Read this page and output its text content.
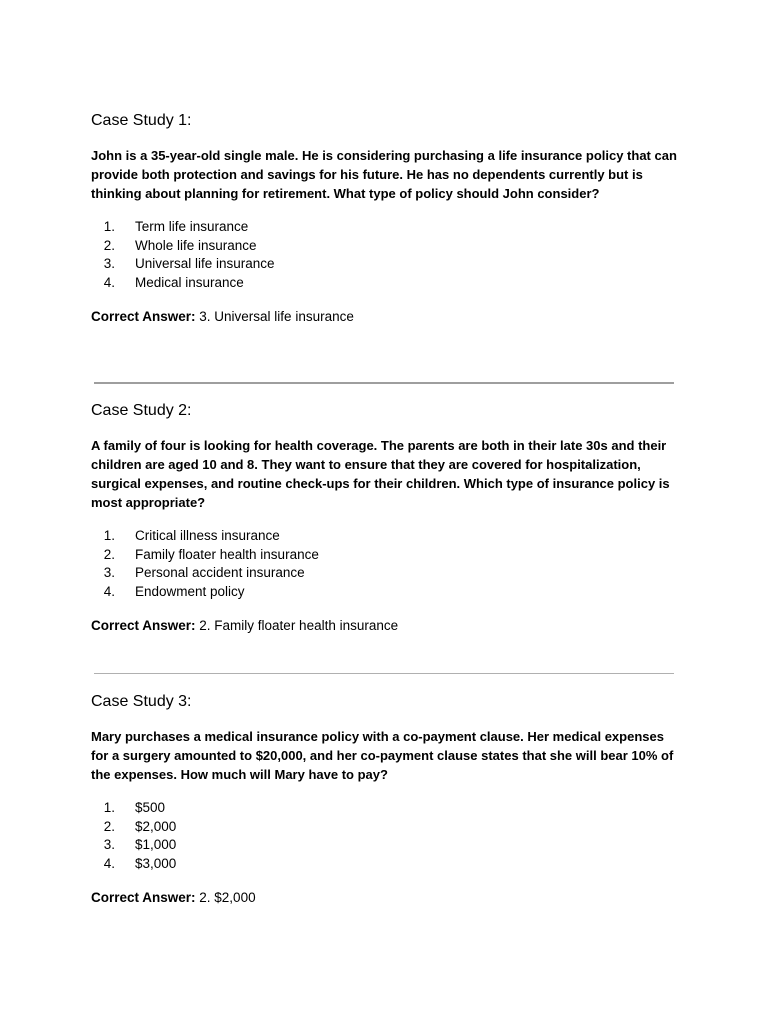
Case Study 1:

John is a 35-year-old single male. He is considering purchasing a life insurance policy that can provide both protection and savings for his future. He has no dependents currently but is thinking about planning for retirement. What type of policy should John consider?

1.	Term life insurance
2.	Whole life insurance
3.	Universal life insurance
4.	Medical insurance

Correct Answer: 3. Universal life insurance

Case Study 2:

A family of four is looking for health coverage. The parents are both in their late 30s and their children are aged 10 and 8. They want to ensure that they are covered for hospitalization, surgical expenses, and routine check-ups for their children. Which type of insurance policy is most appropriate?

1.	Critical illness insurance
2.	Family floater health insurance
3.	Personal accident insurance
4.	Endowment policy

Correct Answer: 2. Family floater health insurance

Case Study 3:

Mary purchases a medical insurance policy with a co-payment clause. Her medical expenses for a surgery amounted to $20,000, and her co-payment clause states that she will bear 10% of the expenses. How much will Mary have to pay?

1.	$500
2.	$2,000
3.	$1,000
4.	$3,000

Correct Answer: 2. $2,000
